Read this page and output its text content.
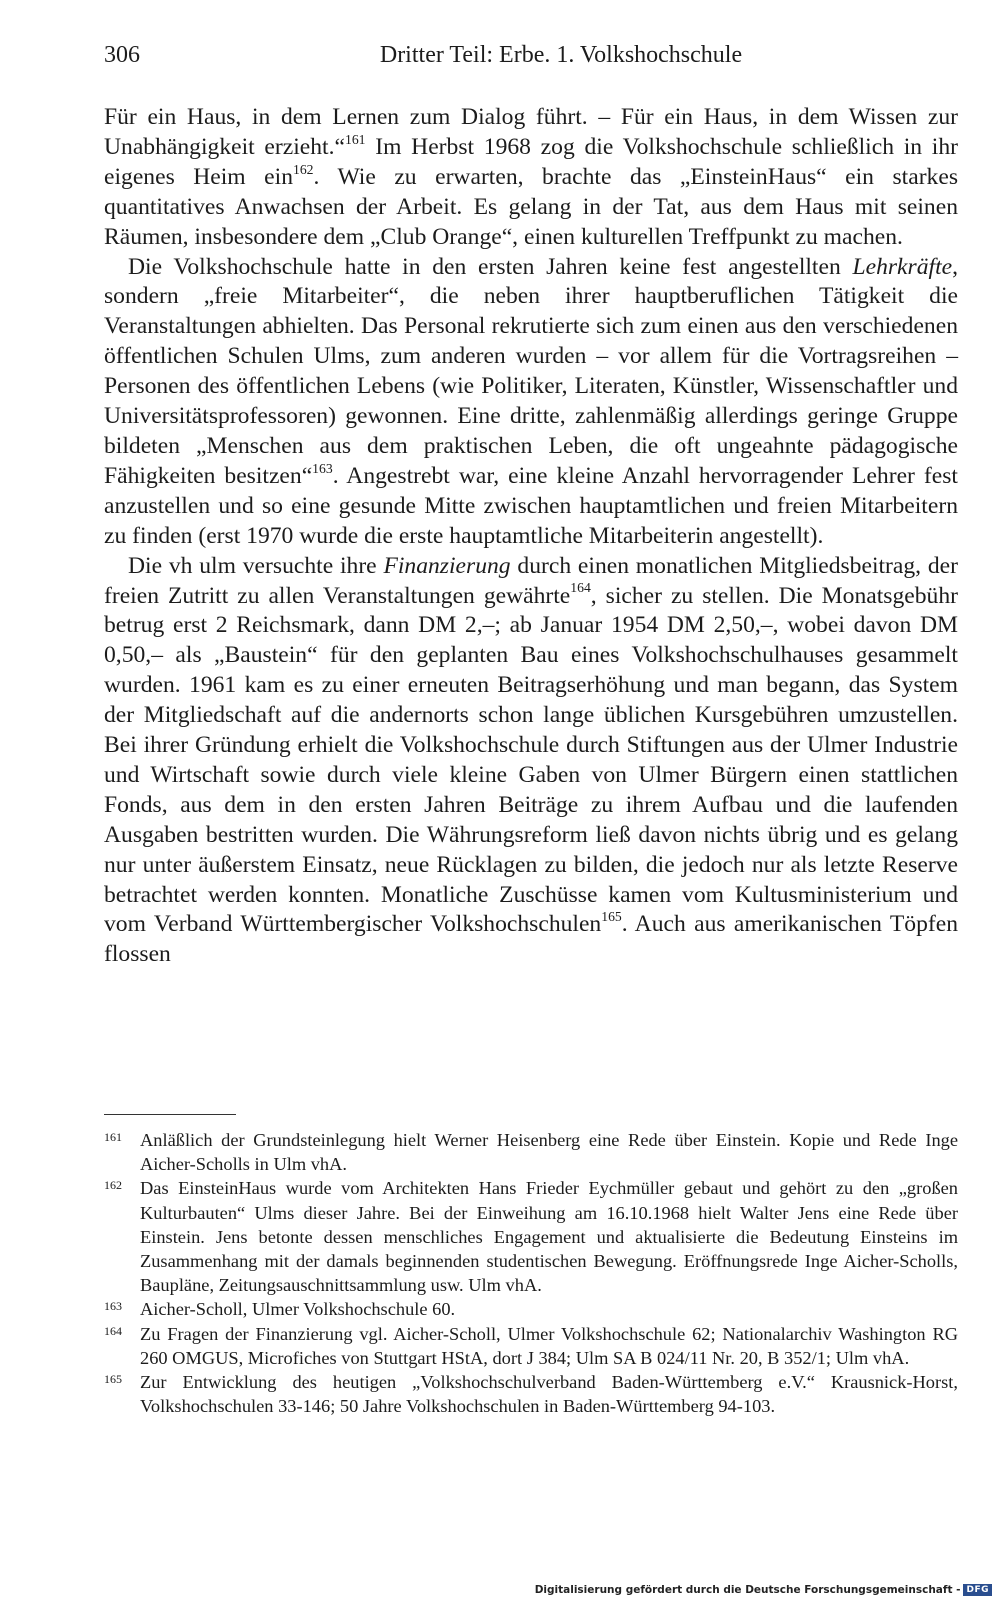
306	Dritter Teil: Erbe. 1. Volkshochschule

Für ein Haus, in dem Lernen zum Dialog führt. – Für ein Haus, in dem Wissen zur Unabhängigkeit erzieht.“$^{161}$ Im Herbst 1968 zog die Volkshochschule schließlich in ihr eigenes Heim ein$^{162}$. Wie zu erwarten, brachte das „EinsteinHaus“ ein starkes quantitatives Anwachsen der Arbeit. Es gelang in der Tat, aus dem Haus mit seinen Räumen, insbesondere dem „Club Orange“, einen kulturellen Treffpunkt zu machen.

Die Volkshochschule hatte in den ersten Jahren keine fest angestellten Lehrkräfte, sondern „freie Mitarbeiter“, die neben ihrer hauptberuflichen Tätigkeit die Veranstaltungen abhielten. Das Personal rekrutierte sich zum einen aus den verschiedenen öffentlichen Schulen Ulms, zum anderen wurden – vor allem für die Vortragsreihen – Personen des öffentlichen Lebens (wie Politiker, Literaten, Künstler, Wissenschaftler und Universitätsprofessoren) gewonnen. Eine dritte, zahlenmäßig allerdings geringe Gruppe bildeten „Menschen aus dem praktischen Leben, die oft ungeahnte pädagogische Fähigkeiten besitzen“$^{163}$. Angestrebt war, eine kleine Anzahl hervorragender Lehrer fest anzustellen und so eine gesunde Mitte zwischen hauptamtlichen und freien Mitarbeitern zu finden (erst 1970 wurde die erste hauptamtliche Mitarbeiterin angestellt).

Die vh ulm versuchte ihre Finanzierung durch einen monatlichen Mitgliedsbeitrag, der freien Zutritt zu allen Veranstaltungen gewährte$^{164}$, sicher zu stellen. Die Monatsgebühr betrug erst 2 Reichsmark, dann DM 2,–; ab Januar 1954 DM 2,50,–, wobei davon DM 0,50,– als „Baustein“ für den geplanten Bau eines Volkshochschulhauses gesammelt wurden. 1961 kam es zu einer erneuten Beitragserhöhung und man begann, das System der Mitgliedschaft auf die andernorts schon lange üblichen Kursgebühren umzustellen. Bei ihrer Gründung erhielt die Volkshochschule durch Stiftungen aus der Ulmer Industrie und Wirtschaft sowie durch viele kleine Gaben von Ulmer Bürgern einen stattlichen Fonds, aus dem in den ersten Jahren Beiträge zu ihrem Aufbau und die laufenden Ausgaben bestritten wurden. Die Währungsreform ließ davon nichts übrig und es gelang nur unter äußerstem Einsatz, neue Rücklagen zu bilden, die jedoch nur als letzte Reserve betrachtet werden konnten. Monatliche Zuschüsse kamen vom Kultusministerium und vom Verband Württembergischer Volkshochschulen$^{165}$. Auch aus amerikanischen Töpfen flossen

161 Anläßlich der Grundsteinlegung hielt Werner Heisenberg eine Rede über Einstein. Kopie und Rede Inge Aicher-Scholls in Ulm vhA.
162 Das EinsteinHaus wurde vom Architekten Hans Frieder Eychmüller gebaut und gehört zu den „großen Kulturbauten“ Ulms dieser Jahre. Bei der Einweihung am 16.10.1968 hielt Walter Jens eine Rede über Einstein. Jens betonte dessen menschliches Engagement und aktualisierte die Bedeutung Einsteins im Zusammenhang mit der damals beginnenden studentischen Bewegung. Eröffnungsrede Inge Aicher-Scholls, Baupläne, Zeitungsauschnittsammlung usw. Ulm vhA.
163 Aicher-Scholl, Ulmer Volkshochschule 60.
164 Zu Fragen der Finanzierung vgl. Aicher-Scholl, Ulmer Volkshochschule 62; Nationalarchiv Washington RG 260 OMGUS, Microfiches von Stuttgart HStA, dort J 384; Ulm SA B 024/11 Nr. 20, B 352/1; Ulm vhA.
165 Zur Entwicklung des heutigen „Volkshochschulverband Baden-Württemberg e.V.“ Krausnick-Horst, Volkshochschulen 33-146; 50 Jahre Volkshochschulen in Baden-Württemberg 94-103.
Digitalisierung gefördert durch die Deutsche Forschungsgemeinschaft - DFG
